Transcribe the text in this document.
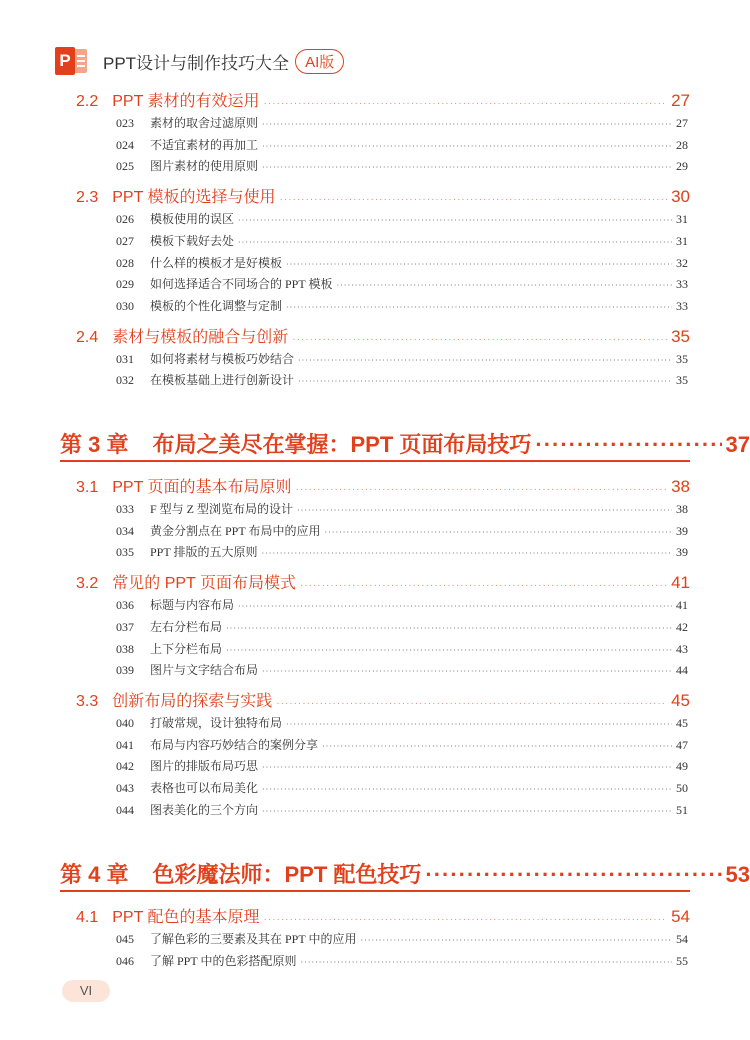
P PPT设计与制作技巧大全	AI版
2.2 PPT 素材的有效运用 ·····	27
023	素材的取舍过滤原则 ·····	27
024	不适宜素材的再加工 ·····	28
025	图片素材的使用原则 ·····	29
2.3 PPT 模板的选择与使用 ·····	30
026	模板使用的误区 ·····	31
027	模板下载好去处 ·····	31
028	什么样的模板才是好模板 ·····	32
029	如何选择适合不同场合的 PPT 模板 ·····	33
030	模板的个性化调整与定制 ·····	33
2.4 素材与模板的融合与创新 ·····	35
031	如何将素材与模板巧妙结合 ·····	35
032	在模板基础上进行创新设计 ·····	35
第 3 章 布局之美尽在掌握：PPT 页面布局技巧 ·····	37
3.1 PPT 页面的基本布局原则 ·····	38
033	F 型与 Z 型浏览布局的设计 ·····	38
034	黄金分割点在 PPT 布局中的应用 ·····	39
035	PPT 排版的五大原则 ·····	39
3.2 常见的 PPT 页面布局模式 ·····	41
036	标题与内容布局 ·····	41
037	左右分栏布局 ·····	42
038	上下分栏布局 ·····	43
039	图片与文字结合布局 ·····	44
3.3 创新布局的探索与实践 ·····	45
040	打破常规，设计独特布局 ·····	45
041	布局与内容巧妙结合的案例分享 ·····	47
042	图片的排版布局巧思 ·····	49
043	表格也可以布局美化 ·····	50
044	图表美化的三个方向 ·····	51
第 4 章 色彩魔法师：PPT 配色技巧 ·····	53
4.1 PPT 配色的基本原理 ·····	54
045	了解色彩的三要素及其在 PPT 中的应用 ·····	54
046	了解 PPT 中的色彩搭配原则 ·····	55
VI
